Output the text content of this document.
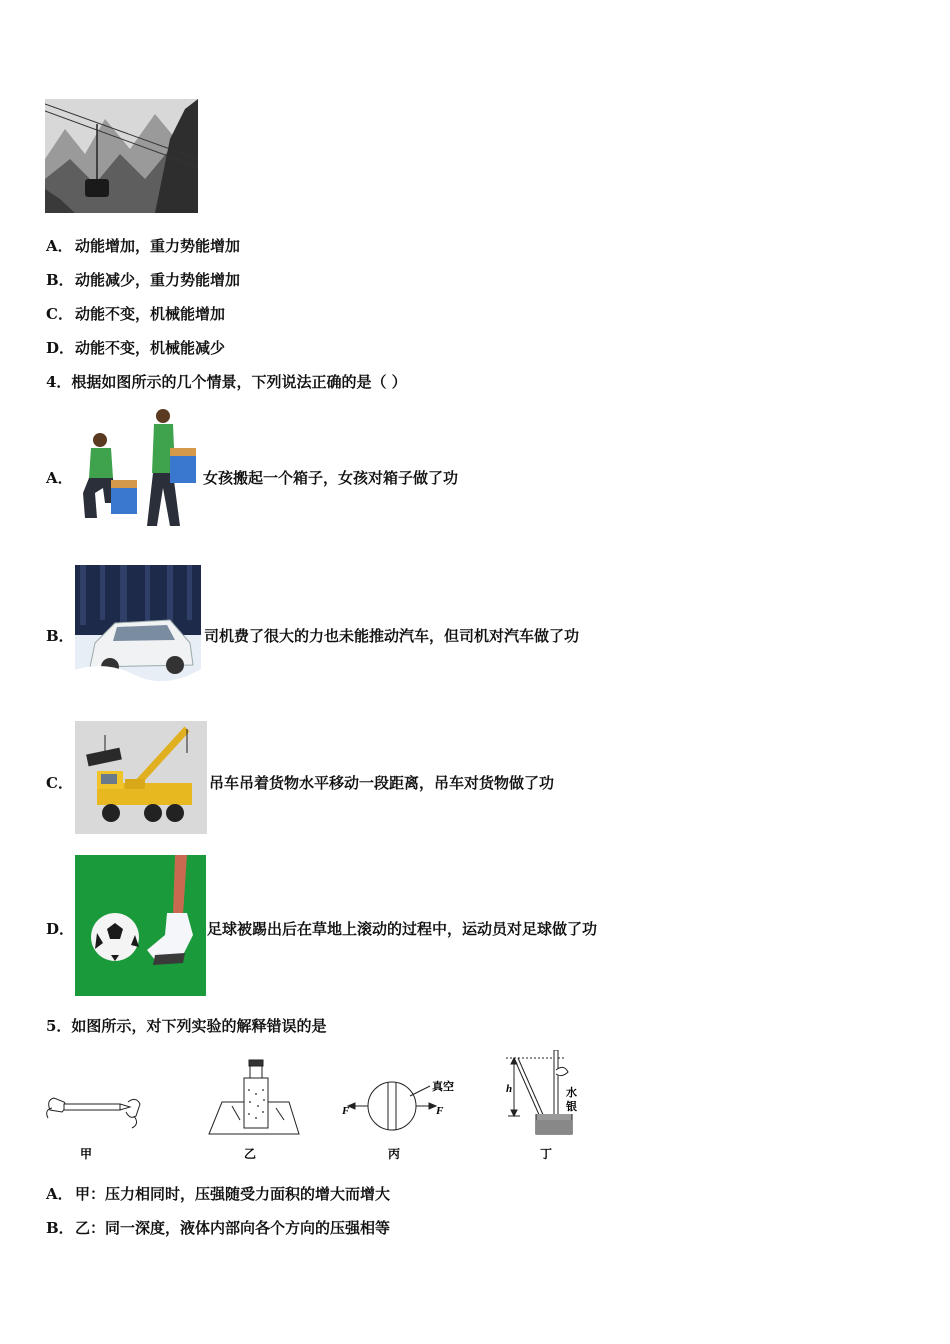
A． 动能增加，重力势能增加
B． 动能减少，重力势能增加
C． 动能不变，机械能增加
D． 动能不变，机械能减少
4．根据如图所示的几个情景，下列说法正确的是（ ）
A．	女孩搬起一个箱子，女孩对箱子做了功
B．	司机费了很大的力也未能推动汽车，但司机对汽车做了功
C．	吊车吊着货物水平移动一段距离，吊车对货物做了功
D．	足球被踢出后在草地上滚动的过程中，运动员对足球做了功
5．如图所示，对下列实验的解释错误的是
F	F
真空	h	水
银
甲	乙	丙	丁
A． 甲：压力相同时，压强随受力面积的增大而增大
B． 乙：同一深度，液体内部向各个方向的压强相等
